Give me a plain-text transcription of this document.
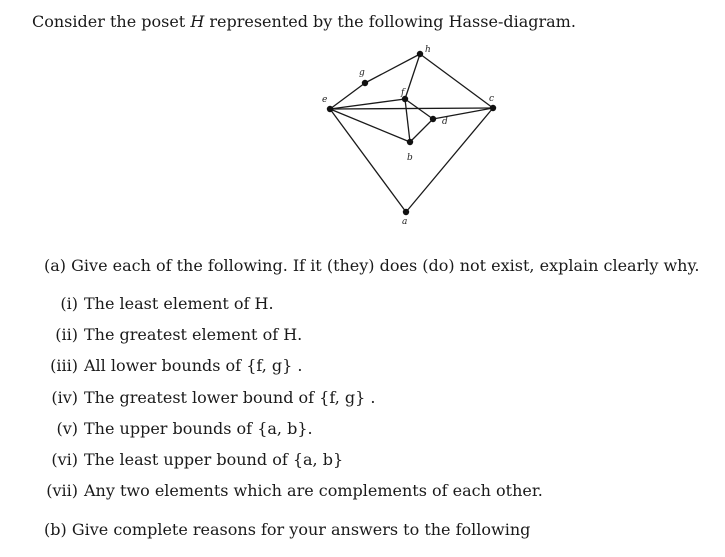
Consider the poset H represented by the following Hasse-diagram.
h
g
f
e	c
d
b
a
(a) Give each of the following. If it (they) does (do) not exist, explain clearly why.
(i) The least element of H.
(ii) The greatest element of H.
(iii) All lower bounds of {f, g} .
(iv) The greatest lower bound of {f, g} .
(v) The upper bounds of {a, b}.
(vi) The least upper bound of {a, b}
(vii) Any two elements which are complements of each other.
(b) Give complete reasons for your answers to the following
